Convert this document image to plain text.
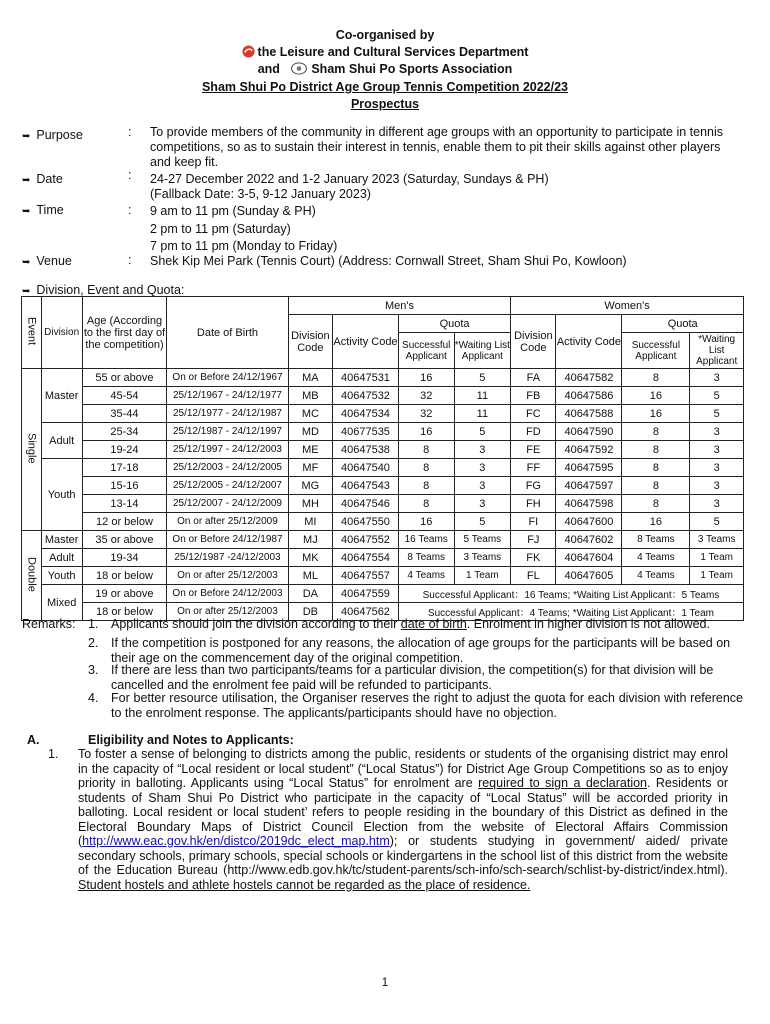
Co-organised by
the Leisure and Cultural Services Department
and	Sham Shui Po Sports Association
Sham Shui Po District Age Group Tennis Competition 2022/23
Prospectus
➥ Purpose	: To provide members of the community in different age groups with an opportunity to participate in tennis competitions, so as to sustain their interest in tennis, enable them to pit their skills against other players and keep fit.
➥ Date	: 24-27 December 2022 and 1-2 January 2023 (Saturday, Sundays & PH)
(Fallback Date: 3-5, 9-12 January 2023)
➥ Time	: 9 am to 11 pm (Sunday & PH)
2 pm to 11 pm (Saturday)
7 pm to 11 pm (Monday to Friday)
➥ Venue	: Shek Kip Mei Park (Tennis Court) (Address: Cornwall Street, Sham Shui Po, Kowloon)
➥ Division, Event and Quota:
Event	Division	Age (According to the first day of the competition)	Date of Birth	Men's				Women's			
				Division Code	Activity Code	Quota		Division Code	Activity Code	Quota	
						Successful Applicant	*Waiting List Applicant			Successful Applicant	*Waiting List Applicant
Single	Master	55 or above	On or Before 24/12/1967	MA	40647531	16	5	FA	40647582	8	3
		45-54	25/12/1967 - 24/12/1977	MB	40647532	32	11	FB	40647586	16	5
		35-44	25/12/1977 - 24/12/1987	MC	40647534	32	11	FC	40647588	16	5
	Adult	25-34	25/12/1987 - 24/12/1997	MD	40677535	16	5	FD	40647590	8	3
		19-24	25/12/1997 - 24/12/2003	ME	40647538	8	3	FE	40647592	8	3
	Youth	17-18	25/12/2003 - 24/12/2005	MF	40647540	8	3	FF	40647595	8	3
		15-16	25/12/2005 - 24/12/2007	MG	40647543	8	3	FG	40647597	8	3
		13-14	25/12/2007 - 24/12/2009	MH	40647546	8	3	FH	40647598	8	3
		12 or below	On or after 25/12/2009	MI	40647550	16	5	FI	40647600	16	5
Double	Master	35 or above	On or Before 24/12/1987	MJ	40647552	16 Teams	5 Teams	FJ	40647602	8 Teams	3 Teams
	Adult	19-34	25/12/1987 -24/12/2003	MK	40647554	8 Teams	3 Teams	FK	40647604	4 Teams	1 Team
	Youth	18 or below	On or after 25/12/2003	ML	40647557	4 Teams	1 Team	FL	40647605	4 Teams	1 Team
	Mixed	19 or above	On or Before 24/12/2003	DA	40647559	Successful Applicant：16 Teams; *Waiting List Applicant：5 Teams					
		18 or below	On or after 25/12/2003	DB	40647562	Successful Applicant：4 Teams; *Waiting List Applicant：1 Team					
Remarks: 1. Applicants should join the division according to their date of birth. Enrolment in higher division is not allowed.
2. If the competition is postponed for any reasons, the allocation of age groups for the participants will be based on their age on the commencement day of the original competition.
3. If there are less than two participants/teams for a particular division, the competition(s) for that division will be cancelled and the enrolment fee paid will be refunded to participants.
4. For better resource utilisation, the Organiser reserves the right to adjust the quota for each division with reference to the enrolment response. The applicants/participants should have no objection.
A.	Eligibility and Notes to Applicants:
1. To foster a sense of belonging to districts among the public, residents or students of the organising district may enrol in the capacity of “Local resident or local student” (“Local Status”) for District Age Group Competitions so as to enjoy priority in balloting. Applicants using “Local Status” for enrolment are required to sign a declaration. Residents or students of Sham Shui Po District who participate in the capacity of “Local Status” will be accorded priority in balloting. Local resident or local student’ refers to people residing in the boundary of this District as defined in the Electoral Boundary Maps of District Council Election from the website of Electoral Affairs Commission (http://www.eac.gov.hk/en/distco/2019dc_elect_map.htm); or students studying in government/ aided/ private secondary schools, primary schools, special schools or kindergartens in the school list of this district from the website of the Education Bureau (http://www.edb.gov.hk/tc/student-parents/sch-info/sch-search/schlist-by-district/index.html). Student hostels and athlete hostels cannot be regarded as the place of residence.
1
